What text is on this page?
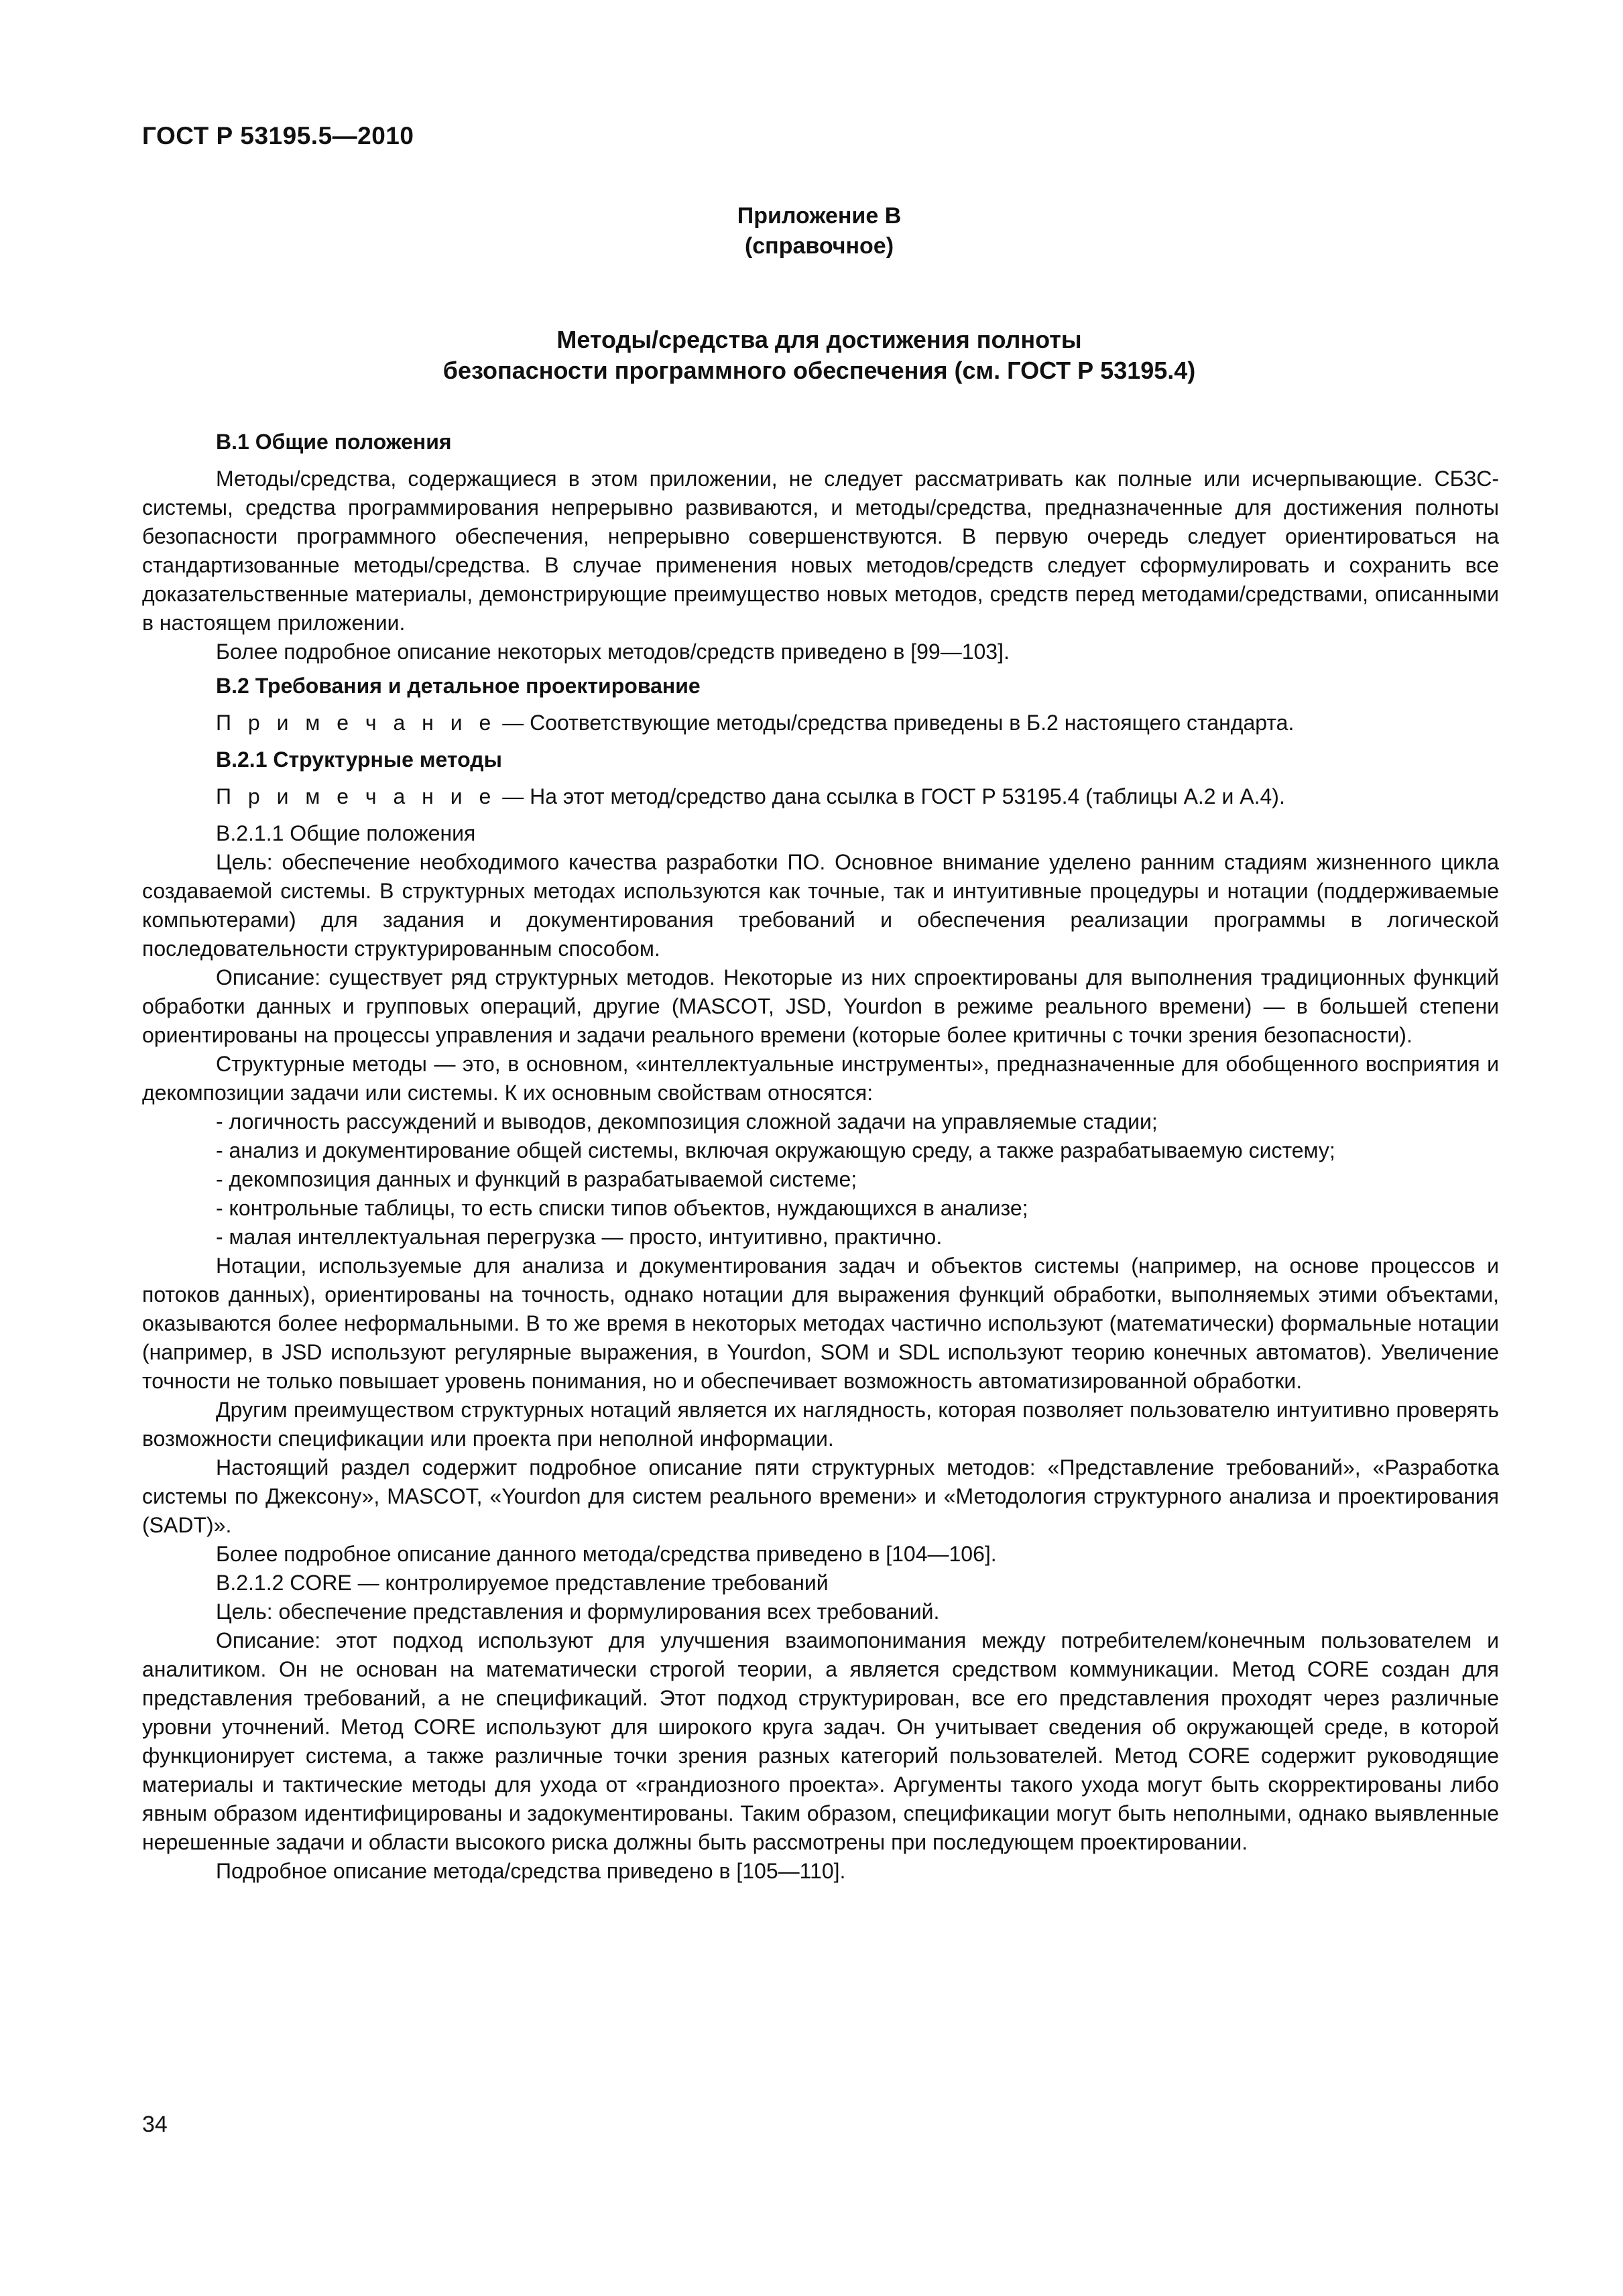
ГОСТ Р 53195.5—2010
Приложение В
(справочное)
Методы/средства для достижения полноты
безопасности программного обеспечения (см. ГОСТ Р 53195.4)

В.1 Общие положения

Методы/средства, содержащиеся в этом приложении, не следует рассматривать как полные или исчерпывающие. СБЗС-системы, средства программирования непрерывно развиваются, и методы/средства, предназначенные для достижения полноты безопасности программного обеспечения, непрерывно совершенствуются. В первую очередь следует ориентироваться на стандартизованные методы/средства. В случае применения новых методов/средств следует сформулировать и сохранить все доказательственные материалы, демонстрирующие преимущество новых методов, средств перед методами/средствами, описанными в настоящем приложении.

Более подробное описание некоторых методов/средств приведено в [99—103].

В.2 Требования и детальное проектирование

П р и м е ч а н и е — Соответствующие методы/средства приведены в Б.2 настоящего стандарта.

В.2.1 Структурные методы

П р и м е ч а н и е — На этот метод/средство дана ссылка в ГОСТ Р 53195.4 (таблицы А.2 и А.4).

В.2.1.1 Общие положения

Цель: обеспечение необходимого качества разработки ПО. Основное внимание уделено ранним стадиям жизненного цикла создаваемой системы. В структурных методах используются как точные, так и интуитивные процедуры и нотации (поддерживаемые компьютерами) для задания и документирования требований и обеспечения реализации программы в логической последовательности структурированным способом.

Описание: существует ряд структурных методов. Некоторые из них спроектированы для выполнения традиционных функций обработки данных и групповых операций, другие (MASCOT, JSD, Yourdon в режиме реального времени) — в большей степени ориентированы на процессы управления и задачи реального времени (которые более критичны с точки зрения безопасности).

Структурные методы — это, в основном, «интеллектуальные инструменты», предназначенные для обобщенного восприятия и декомпозиции задачи или системы. К их основным свойствам относятся:

- логичность рассуждений и выводов, декомпозиция сложной задачи на управляемые стадии;

- анализ и документирование общей системы, включая окружающую среду, а также разрабатываемую систему;

- декомпозиция данных и функций в разрабатываемой системе;

- контрольные таблицы, то есть списки типов объектов, нуждающихся в анализе;

- малая интеллектуальная перегрузка — просто, интуитивно, практично.

Нотации, используемые для анализа и документирования задач и объектов системы (например, на основе процессов и потоков данных), ориентированы на точность, однако нотации для выражения функций обработки, выполняемых этими объектами, оказываются более неформальными. В то же время в некоторых методах частично используют (математически) формальные нотации (например, в JSD используют регулярные выражения, в Yourdon, SOM и SDL используют теорию конечных автоматов). Увеличение точности не только повышает уровень понимания, но и обеспечивает возможность автоматизированной обработки.

Другим преимуществом структурных нотаций является их наглядность, которая позволяет пользователю интуитивно проверять возможности спецификации или проекта при неполной информации.

Настоящий раздел содержит подробное описание пяти структурных методов: «Представление требований», «Разработка системы по Джексону», MASCOT, «Yourdon для систем реального времени» и «Методология структурного анализа и проектирования (SADT)».

Более подробное описание данного метода/средства приведено в [104—106].

В.2.1.2 CORE — контролируемое представление требований

Цель: обеспечение представления и формулирования всех требований.

Описание: этот подход используют для улучшения взаимопонимания между потребителем/конечным пользователем и аналитиком. Он не основан на математически строгой теории, а является средством коммуникации. Метод CORE создан для представления требований, а не спецификаций. Этот подход структурирован, все его представления проходят через различные уровни уточнений. Метод CORE используют для широкого круга задач. Он учитывает сведения об окружающей среде, в которой функционирует система, а также различные точки зрения разных категорий пользователей. Метод CORE содержит руководящие материалы и тактические методы для ухода от «грандиозного проекта». Аргументы такого ухода могут быть скорректированы либо явным образом идентифицированы и задокументированы. Таким образом, спецификации могут быть неполными, однако выявленные нерешенные задачи и области высокого риска должны быть рассмотрены при последующем проектировании.

Подробное описание метода/средства приведено в [105—110].

34
